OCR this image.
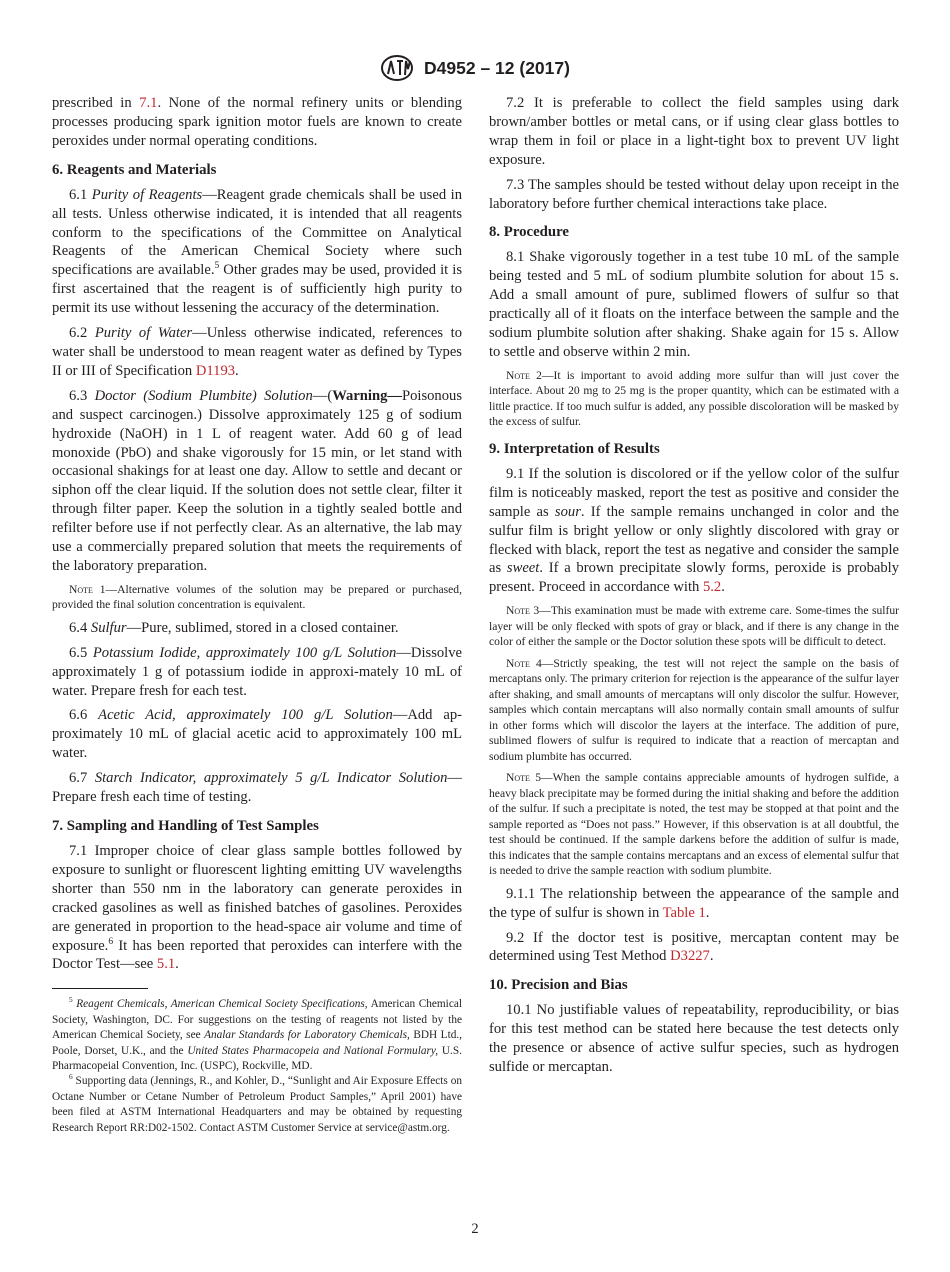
D4952 – 12 (2017)

prescribed in 7.1. None of the normal refinery units or blending processes producing spark ignition motor fuels are known to create peroxides under normal operating conditions.

6. Reagents and Materials

6.1 Purity of Reagents—Reagent grade chemicals shall be used in all tests. Unless otherwise indicated, it is intended that all reagents conform to the specifications of the Committee on Analytical Reagents of the American Chemical Society where such specifications are available.$^5$ Other grades may be used, provided it is first ascertained that the reagent is of sufficiently high purity to permit its use without lessening the accuracy of the determination.

6.2 Purity of Water—Unless otherwise indicated, references to water shall be understood to mean reagent water as defined by Types II or III of Specification D1193.

6.3 Doctor (Sodium Plumbite) Solution—(Warning—Poisonous and suspect carcinogen.) Dissolve approximately 125 g of sodium hydroxide (NaOH) in 1 L of reagent water. Add 60 g of lead monoxide (PbO) and shake vigorously for 15 min, or let stand with occasional shakings for at least one day. Allow to settle and decant or siphon off the clear liquid. If the solution does not settle clear, filter it through filter paper. Keep the solution in a tightly sealed bottle and refilter before use if not perfectly clear. As an alternative, the lab may use a commercially prepared solution that meets the requirements of the laboratory preparation.

Note 1—Alternative volumes of the solution may be prepared or purchased, provided the final solution concentration is equivalent.

6.4 Sulfur—Pure, sublimed, stored in a closed container.

6.5 Potassium Iodide, approximately 100 g/L Solution—Dissolve approximately 1 g of potassium iodide in approxi-mately 10 mL of water. Prepare fresh for each test.

6.6 Acetic Acid, approximately 100 g/L Solution—Add ap-proximately 10 mL of glacial acetic acid to approximately 100 mL water.

6.7 Starch Indicator, approximately 5 g/L Indicator Solution—Prepare fresh each time of testing.

7. Sampling and Handling of Test Samples

7.1 Improper choice of clear glass sample bottles followed by exposure to sunlight or fluorescent lighting emitting UV wavelengths shorter than 550 nm in the laboratory can generate peroxides in cracked gasolines as well as finished batches of gasolines. Peroxides are generated in proportion to the head-space air volume and time of exposure.$^6$ It has been reported that peroxides can interfere with the Doctor Test—see 5.1.

$^5$ Reagent Chemicals, American Chemical Society Specifications, American Chemical Society, Washington, DC. For suggestions on the testing of reagents not listed by the American Chemical Society, see Analar Standards for Laboratory Chemicals, BDH Ltd., Poole, Dorset, U.K., and the United States Pharmacopeia and National Formulary, U.S. Pharmacopeial Convention, Inc. (USPC), Rockville, MD.

$^6$ Supporting data (Jennings, R., and Kohler, D., “Sunlight and Air Exposure Effects on Octane Number or Cetane Number of Petroleum Product Samples,” April 2001) have been filed at ASTM International Headquarters and may be obtained by requesting Research Report RR:D02-1502. Contact ASTM Customer Service at service@astm.org.

7.2 It is preferable to collect the field samples using dark brown/amber bottles or metal cans, or if using clear glass bottles to wrap them in foil or place in a light-tight box to prevent UV light exposure.

7.3 The samples should be tested without delay upon receipt in the laboratory before further chemical interactions take place.

8. Procedure

8.1 Shake vigorously together in a test tube 10 mL of the sample being tested and 5 mL of sodium plumbite solution for about 15 s. Add a small amount of pure, sublimed flowers of sulfur so that practically all of it floats on the interface between the sample and the sodium plumbite solution after shaking. Shake again for 15 s. Allow to settle and observe within 2 min.

Note 2—It is important to avoid adding more sulfur than will just cover the interface. About 20 mg to 25 mg is the proper quantity, which can be estimated with a little practice. If too much sulfur is added, any possible discoloration will be masked by the excess of sulfur.

9. Interpretation of Results

9.1 If the solution is discolored or if the yellow color of the sulfur film is noticeably masked, report the test as positive and consider the sample as sour. If the sample remains unchanged in color and the sulfur film is bright yellow or only slightly discolored with gray or flecked with black, report the test as negative and consider the sample as sweet. If a brown precipitate slowly forms, peroxide is probably present. Proceed in accordance with 5.2.

Note 3—This examination must be made with extreme care. Some-times the sulfur layer will be only flecked with spots of gray or black, and if there is any change in the color of either the sample or the Doctor solution these spots will be difficult to detect.

Note 4—Strictly speaking, the test will not reject the sample on the basis of mercaptans only. The primary criterion for rejection is the appearance of the sulfur layer after shaking, and small amounts of mercaptans will only discolor the sulfur. However, samples which contain mercaptans will also normally contain small amounts of sulfur in other forms which will discolor the layers at the interface. The addition of pure, sublimed flowers of sulfur is required to indicate that a reaction of mercaptan and sodium plumbite has occurred.

Note 5—When the sample contains appreciable amounts of hydrogen sulfide, a heavy black precipitate may be formed during the initial shaking and before the addition of the sulfur. If such a precipitate is noted, the test may be stopped at that point and the sample reported as “Does not pass.” However, if this observation is at all doubtful, the test should be continued. If the sample darkens before the addition of sulfur is made, this indicates that the sample contains mercaptans and an excess of elemental sulfur that is needed to drive the sample reaction with sodium plumbite.

9.1.1 The relationship between the appearance of the sample and the type of sulfur is shown in Table 1.

9.2 If the doctor test is positive, mercaptan content may be determined using Test Method D3227.

10. Precision and Bias

10.1 No justifiable values of repeatability, reproducibility, or bias for this test method can be stated here because the test detects only the presence or absence of active sulfur species, such as hydrogen sulfide or mercaptan.

2
